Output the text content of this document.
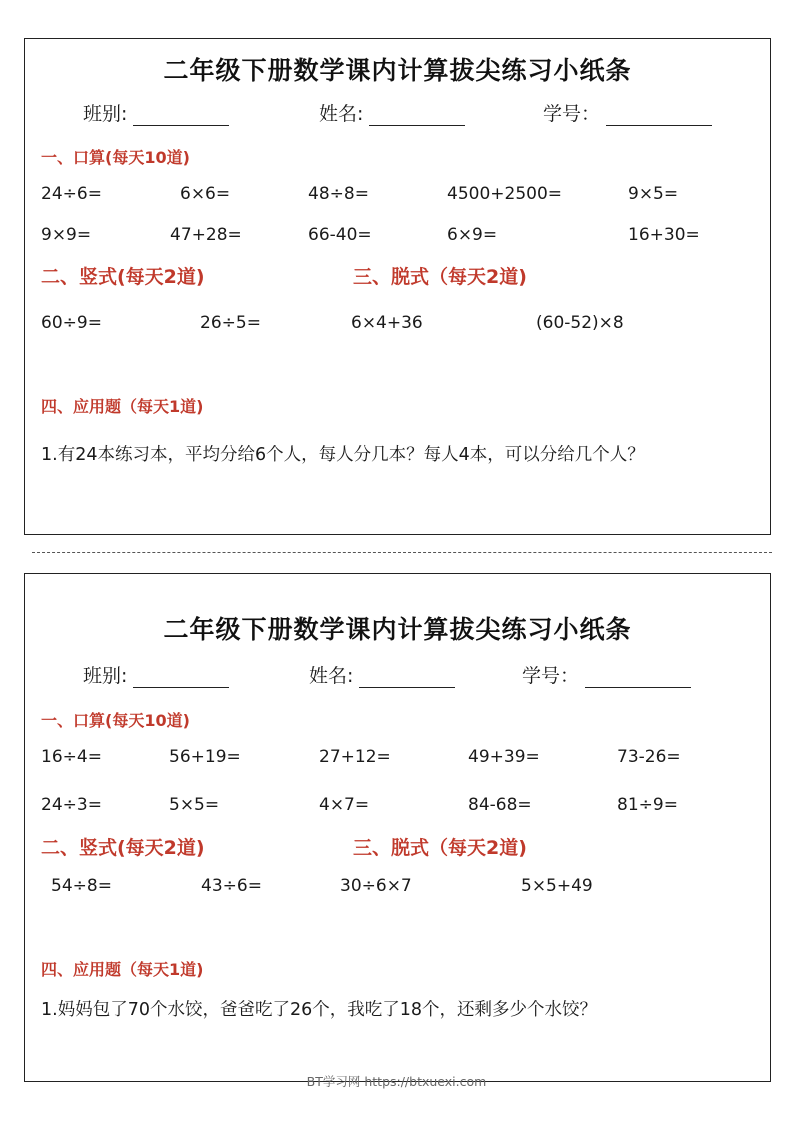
二年级下册数学课内计算拔尖练习小纸条
班别:	姓名:	学号：
一、口算(每天10道)
24÷6=	6×6=	48÷8=	4500+2500=	9×5=
9×9=	47+28=	66-40=	6×9=	16+30=
二、竖式(每天2道)	三、脱式（每天2道)
60÷9=	26÷5=	6×4+36	(60-52)×8
四、应用题（每天1道)
1.有24本练习本，平均分给6个人，每人分几本？每人4本，可以分给几个人？
二年级下册数学课内计算拔尖练习小纸条
班别:	姓名:	学号：
一、口算(每天10道)
16÷4=	56+19=	27+12=	49+39=	73-26=
24÷3=	5×5=	4×7=	84-68=	81÷9=
二、竖式(每天2道)	三、脱式（每天2道)
54÷8=	43÷6=	30÷6×7	5×5+49
四、应用题（每天1道)
1.妈妈包了70个水饺，爸爸吃了26个，我吃了18个，还剩多少个水饺？
BT学习网 https://btxuexi.com
